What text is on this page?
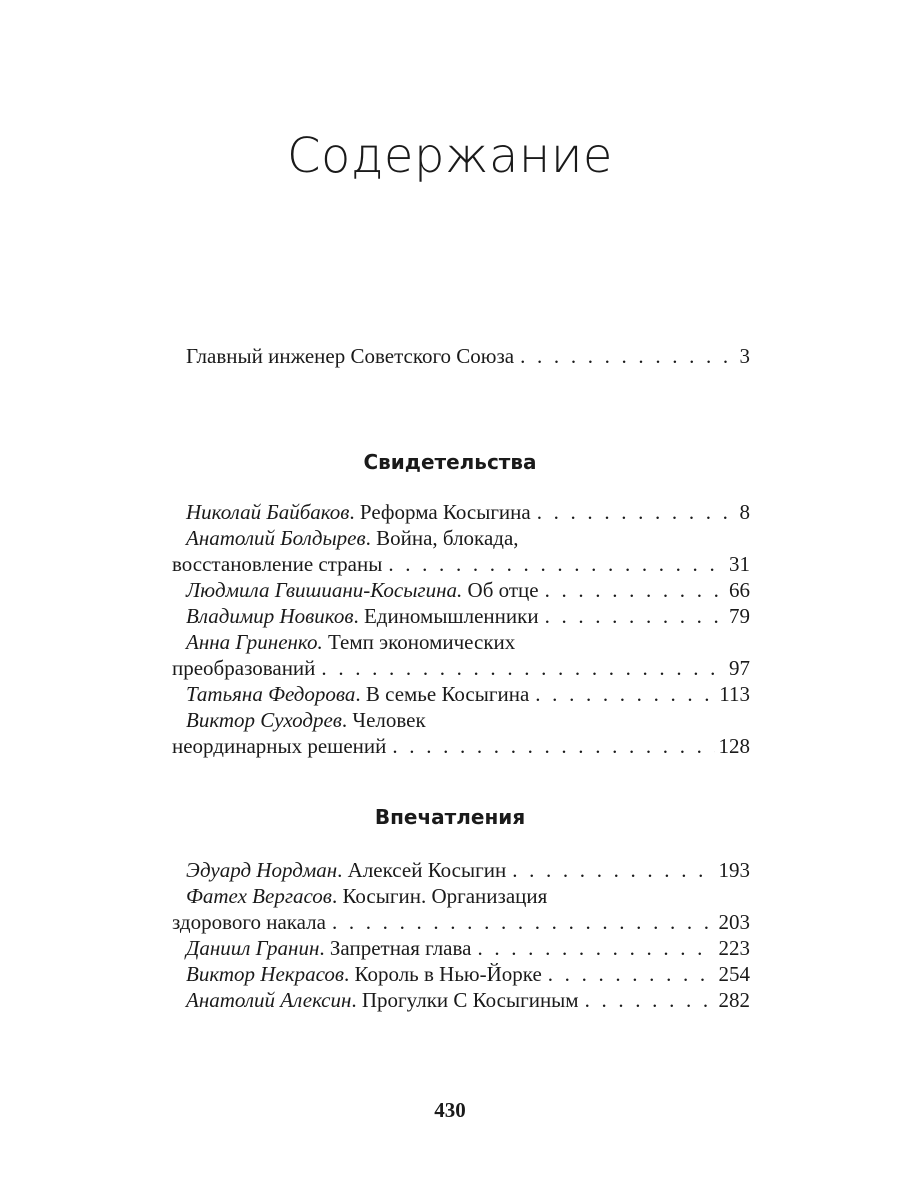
Содержание
Главный инженер Советского Союза . . .	3
Свидетельства
Николай Байбаков. Реформа Косыгина . . .	8
Анатолий Болдырев. Война, блокада,
восстановление страны . . .	31
Людмила Гвишиани-Косыгина. Об отце . . .	66
Владимир Новиков. Единомышленники . . .	79
Анна Гриненко. Темп экономических
преобразований . . .	97
Татьяна Федорова. В семье Косыгина . . .	113
Виктор Суходрев. Человек
неординарных решений . . .	128
Впечатления
Эдуард Нордман. Алексей Косыгин . . .	193
Фатех Вергасов. Косыгин. Организация
здорового накала . . .	203
Даниил Гранин. Запретная глава . . .	223
Виктор Некрасов. Король в Нью-Йорке . . .	254
Анатолий Алексин. Прогулки С Косыгиным . . .	282
430
